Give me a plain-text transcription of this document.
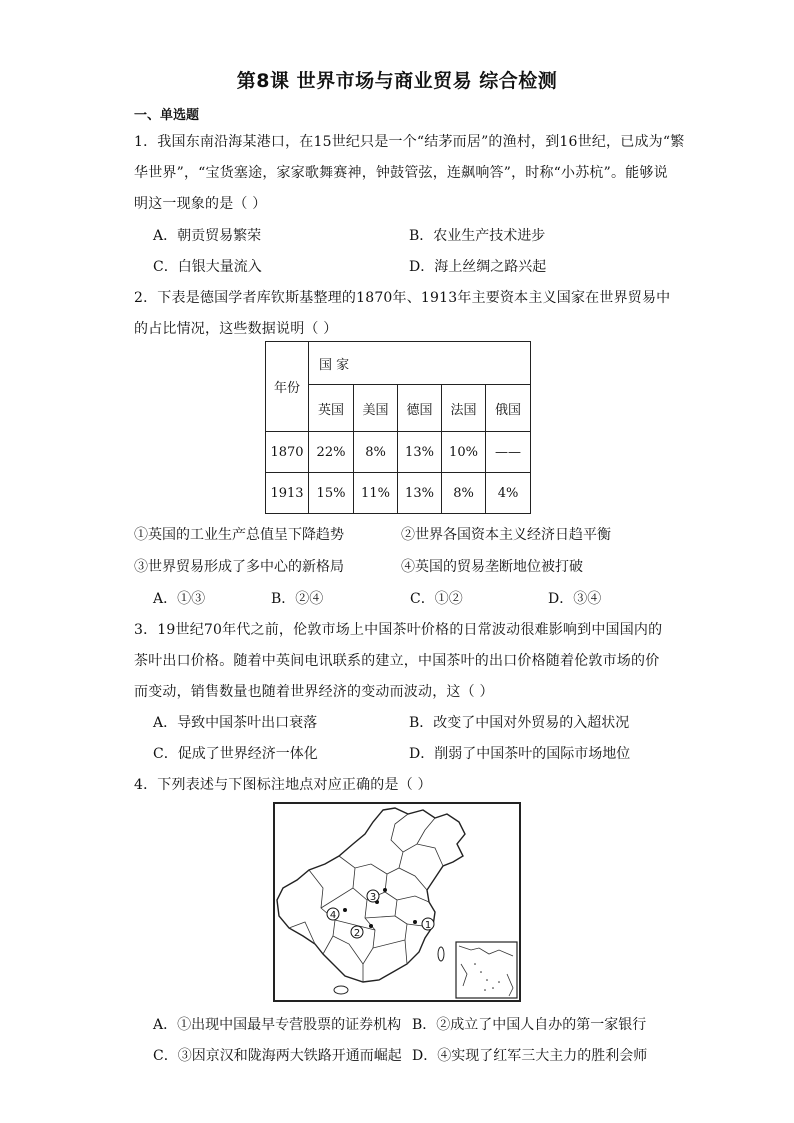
第8课 世界市场与商业贸易 综合检测
一、单选题
1．我国东南沿海某港口，在15世纪只是一个“结茅而居”的渔村，到16世纪，已成为“繁
华世界”，“宝货塞途，家家歌舞赛神，钟鼓管弦，连飙响答”，时称“小苏杭”。能够说
明这一现象的是（ ）
A．朝贡贸易繁荣	B．农业生产技术进步
C．白银大量流入	D．海上丝绸之路兴起
2．下表是德国学者库钦斯基整理的1870年、1913年主要资本主义国家在世界贸易中
的占比情况，这些数据说明（ ）
年份	国 家				
	英国	美国	德国	法国	俄国
1870	22%	8%	13%	10%	——
1913	15%	11%	13%	8%	4%
①英国的工业生产总值呈下降趋势	②世界各国资本主义经济日趋平衡
③世界贸易形成了多中心的新格局	④英国的贸易垄断地位被打破
A．①③	B．②④	C．①②	D．③④
3．19世纪70年代之前，伦敦市场上中国茶叶价格的日常波动很难影响到中国国内的
茶叶出口价格。随着中英间电讯联系的建立，中国茶叶的出口价格随着伦敦市场的价
而变动，销售数量也随着世界经济的变动而波动，这（ ）
A．导致中国茶叶出口衰落	B．改变了中国对外贸易的入超状况
C．促成了世界经济一体化	D．削弱了中国茶叶的国际市场地位
4．下列表述与下图标注地点对应正确的是（ ）
1
2
3
4
A．①出现中国最早专营股票的证券机构 B．②成立了中国人自办的第一家银行
C．③因京汉和陇海两大铁路开通而崛起 D．④实现了红军三大主力的胜利会师
